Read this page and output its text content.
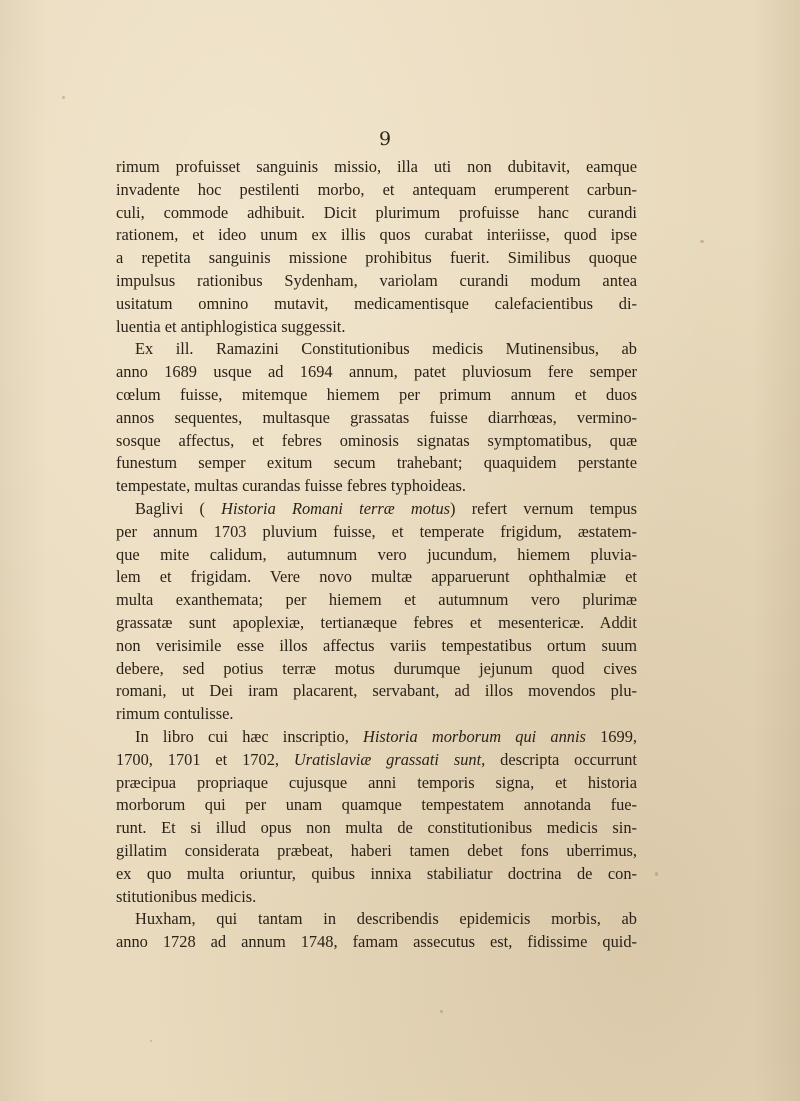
9
rimum profuisset sanguinis missio, illa uti non dubitavit, eamque
invadente hoc pestilenti morbo, et antequam erumperent carbun-
culi, commode adhibuit. Dicit plurimum profuisse hanc curandi
rationem, et ideo unum ex illis quos curabat interiisse, quod ipse
a repetita sanguinis missione prohibitus fuerit. Similibus quoque
impulsus rationibus Sydenham, variolam curandi modum antea
usitatum omnino mutavit, medicamentisque calefacientibus di-
luentia et antiphlogistica suggessit.
Ex ill. Ramazini Constitutionibus medicis Mutinensibus, ab
anno 1689 usque ad 1694 annum, patet pluviosum fere semper
cœlum fuisse, mitemque hiemem per primum annum et duos
annos sequentes, multasque grassatas fuisse diarrhœas, vermino-
sosque affectus, et febres ominosis signatas symptomatibus, quæ
funestum semper exitum secum trahebant; quaquidem perstante
tempestate, multas curandas fuisse febres typhoideas.
Baglivi ( Historia Romani terræ motus) refert vernum tempus
per annum 1703 pluvium fuisse, et temperate frigidum, æstatem-
que mite calidum, autumnum vero jucundum, hiemem pluvia-
lem et frigidam. Vere novo multæ apparuerunt ophthalmiæ et
multa exanthemata; per hiemem et autumnum vero plurimæ
grassatæ sunt apoplexiæ, tertianæque febres et mesentericæ. Addit
non verisimile esse illos affectus variis tempestatibus ortum suum
debere, sed potius terræ motus durumque jejunum quod cives
romani, ut Dei iram placarent, servabant, ad illos movendos plu-
rimum contulisse.
In libro cui hæc inscriptio, Historia morborum qui annis 1699,
1700, 1701 et 1702, Uratislaviæ grassati sunt, descripta occurrunt
præcipua propriaque cujusque anni temporis signa, et historia
morborum qui per unam quamque tempestatem annotanda fue-
runt. Et si illud opus non multa de constitutionibus medicis sin-
gillatim considerata præbeat, haberi tamen debet fons uberrimus,
ex quo multa oriuntur, quibus innixa stabiliatur doctrina de con-
stitutionibus medicis.
Huxham, qui tantam in describendis epidemicis morbis, ab
anno 1728 ad annum 1748, famam assecutus est, fidissime quid-
